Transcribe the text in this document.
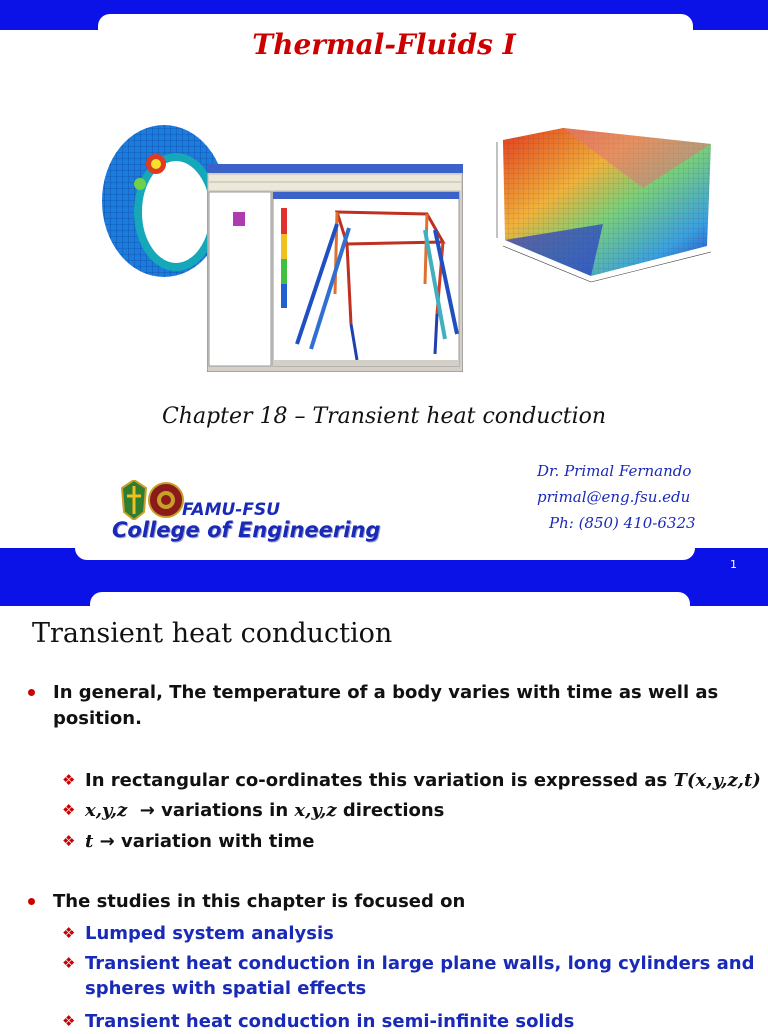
Thermal-Fluids I
Chapter 18 – Transient heat conduction
FAMU-FSU
College of Engineering
Dr. Primal Fernando
primal@eng.fsu.edu
Ph: (850) 410-6323
1
Transient heat conduction
In general, The temperature of a body varies with time as well as
position.
❖ In rectangular co-ordinates this variation is expressed as T(x,y,z,t)
❖ x,y,z → variations in x,y,z directions
❖ t → variation with time
The studies in this chapter is focused on
❖ Lumped system analysis
❖ Transient heat conduction in large plane walls, long cylinders and
spheres with spatial effects
❖ Transient heat conduction in semi-infinite solids
